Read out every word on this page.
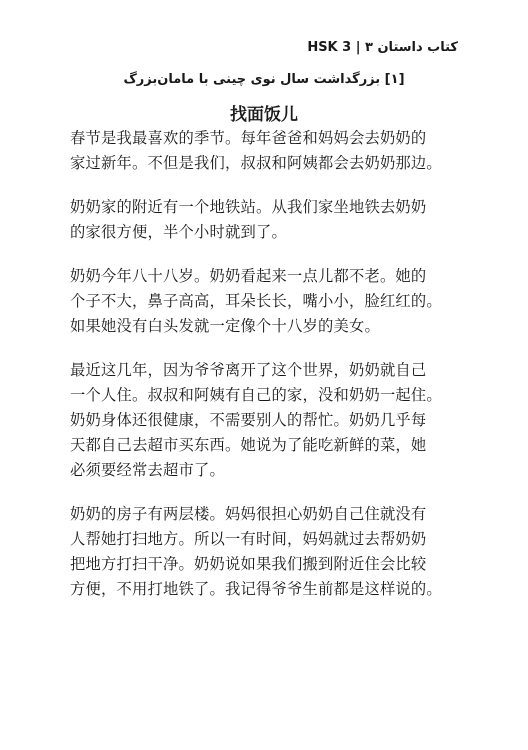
کتاب داستان HSK 3 | ۳
[۱] بزرگداشت سال نوی چینی با مامان‌بزرگ
找面饭儿

春节是我最喜欢的季节。每年爸爸和妈妈会去奶奶的
家过新年。不但是我们，叔叔和阿姨都会去奶奶那边。

奶奶家的附近有一个地铁站。从我们家坐地铁去奶奶
的家很方便，半个小时就到了。

奶奶今年八十八岁。奶奶看起来一点儿都不老。她的
个子不大，鼻子高高，耳朵长长，嘴小小，脸红红的。
如果她没有白头发就一定像个十八岁的美女。

最近这几年，因为爷爷离开了这个世界，奶奶就自己
一个人住。叔叔和阿姨有自己的家，没和奶奶一起住。
奶奶身体还很健康，不需要别人的帮忙。奶奶几乎每
天都自己去超市买东西。她说为了能吃新鲜的菜，她
必须要经常去超市了。

奶奶的房子有两层楼。妈妈很担心奶奶自己住就没有
人帮她打扫地方。所以一有时间，妈妈就过去帮奶奶
把地方打扫干净。奶奶说如果我们搬到附近住会比较
方便，不用打地铁了。我记得爷爷生前都是这样说的。
